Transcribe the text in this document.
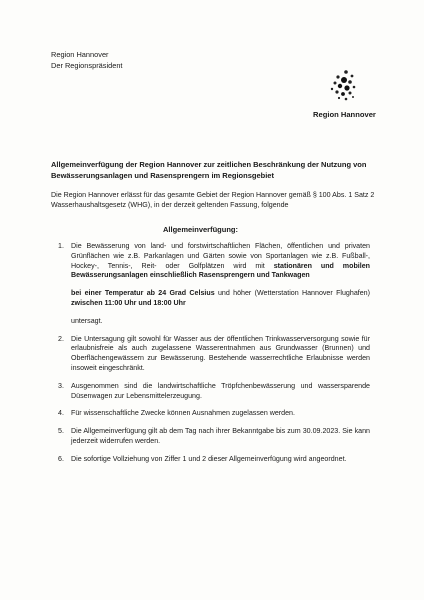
Region Hannover
Der Regionspräsident
Region Hannover
Allgemeinverfügung der Region Hannover zur zeitlichen Beschränkung der Nutzung von Bewässerungsanlagen und Rasensprengern im Regionsgebiet
Die Region Hannover erlässt für das gesamte Gebiet der Region Hannover gemäß § 100 Abs. 1 Satz 2 Wasserhaushaltsgesetz (WHG), in der derzeit geltenden Fassung, folgende
Allgemeinverfügung:
1. Die Bewässerung von land- und forstwirtschaftlichen Flächen, öffentlichen und privaten Grünflächen wie z.B. Parkanlagen und Gärten sowie von Sportanlagen wie z.B. Fußball-, Hockey-, Tennis-, Reit- oder Golfplätzen wird mit stationären und mobilen Bewässerungsanlagen einschließlich Rasensprengern und Tankwagen
bei einer Temperatur ab 24 Grad Celsius und höher (Wetterstation Hannover Flughafen) zwischen 11:00 Uhr und 18:00 Uhr
untersagt.
2. Die Untersagung gilt sowohl für Wasser aus der öffentlichen Trinkwasserversorgung sowie für erlaubnisfreie als auch zugelassene Wasserentnahmen aus Grundwasser (Brunnen) und Oberflächengewässern zur Bewässerung. Bestehende wasserrechtliche Erlaubnisse werden insoweit eingeschränkt.
3. Ausgenommen sind die landwirtschaftliche Tröpfchenbewässerung und wassersparende Düsenwagen zur Lebensmittelerzeugung.
4. Für wissenschaftliche Zwecke können Ausnahmen zugelassen werden.
5. Die Allgemeinverfügung gilt ab dem Tag nach ihrer Bekanntgabe bis zum 30.09.2023. Sie kann jederzeit widerrufen werden.
6. Die sofortige Vollziehung von Ziffer 1 und 2 dieser Allgemeinverfügung wird angeordnet.
